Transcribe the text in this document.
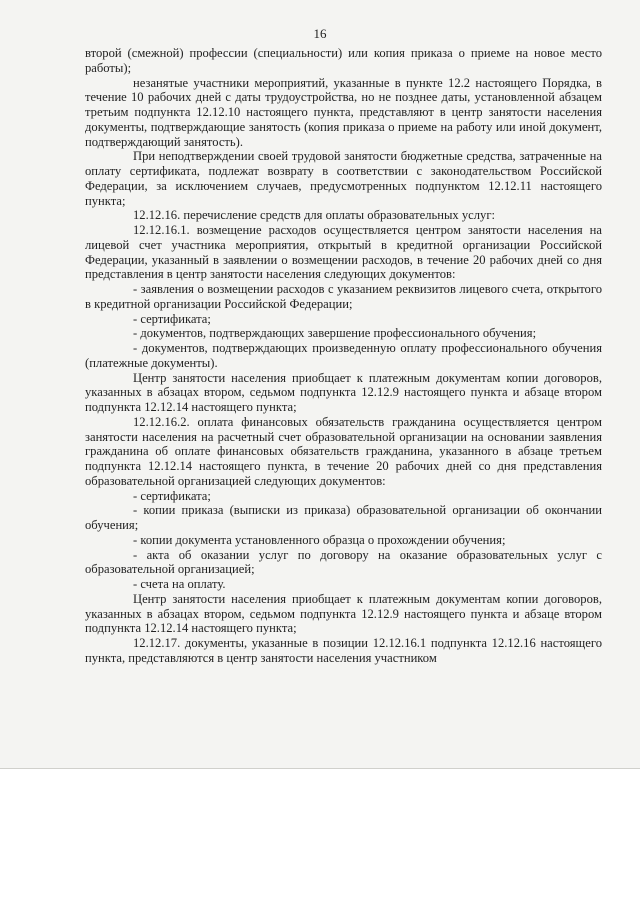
16

второй (смежной) профессии (специальности) или копия приказа о приеме на новое место работы);

незанятые участники мероприятий, указанные в пункте 12.2 настоящего Порядка, в течение 10 рабочих дней с даты трудоустройства, но не позднее даты, установленной абзацем третьим подпункта 12.12.10 настоящего пункта, представляют в центр занятости населения документы, подтверждающие занятость (копия приказа о приеме на работу или иной документ, подтверждающий занятость).

При неподтверждении своей трудовой занятости бюджетные средства, затраченные на оплату сертификата, подлежат возврату в соответствии с законодательством Российской Федерации, за исключением случаев, предусмотренных подпунктом 12.12.11 настоящего пункта;

12.12.16. перечисление средств для оплаты образовательных услуг:

12.12.16.1. возмещение расходов осуществляется центром занятости населения на лицевой счет участника мероприятия, открытый в кредитной организации Российской Федерации, указанный в заявлении о возмещении расходов, в течение 20 рабочих дней со дня представления в центр занятости населения следующих документов:

- заявления о возмещении расходов с указанием реквизитов лицевого счета, открытого в кредитной организации Российской Федерации;

- сертификата;

- документов, подтверждающих завершение профессионального обучения;

- документов, подтверждающих произведенную оплату профессионального обучения (платежные документы).

Центр занятости населения приобщает к платежным документам копии договоров, указанных в абзацах втором, седьмом подпункта 12.12.9 настоящего пункта и абзаце втором подпункта 12.12.14 настоящего пункта;

12.12.16.2. оплата финансовых обязательств гражданина осуществляется центром занятости населения на расчетный счет образовательной организации на основании заявления гражданина об оплате финансовых обязательств гражданина, указанного в абзаце третьем подпункта 12.12.14 настоящего пункта, в течение 20 рабочих дней со дня представления образовательной организацией следующих документов:

- сертификата;

- копии приказа (выписки из приказа) образовательной организации об окончании обучения;

- копии документа установленного образца о прохождении обучения;

- акта об оказании услуг по договору на оказание образовательных услуг с образовательной организацией;

- счета на оплату.

Центр занятости населения приобщает к платежным документам копии договоров, указанных в абзацах втором, седьмом подпункта 12.12.9 настоящего пункта и абзаце втором подпункта 12.12.14 настоящего пункта;

12.12.17. документы, указанные в позиции 12.12.16.1 подпункта 12.12.16 настоящего пункта, представляются в центр занятости населения участником
